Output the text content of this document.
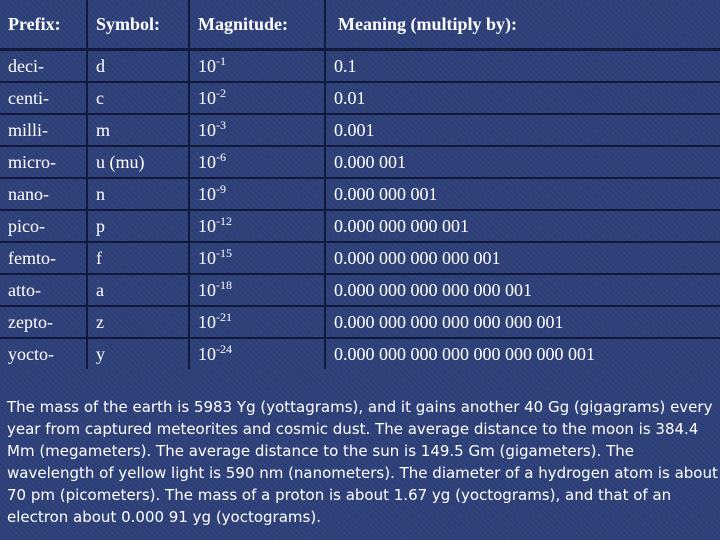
Prefix:	Symbol:	Magnitude:	Meaning (multiply by):
deci-	d	$10^{-1}$	0.1
centi-	c	$10^{-2}$	0.01
milli-	m	$10^{-3}$	0.001
micro-	u (mu)	$10^{-6}$	0.000 001
nano-	n	$10^{-9}$	0.000 000 001
pico-	p	$10^{-12}$	0.000 000 000 001
femto-	f	$10^{-15}$	0.000 000 000 000 001
atto-	a	$10^{-18}$	0.000 000 000 000 000 001
zepto-	z	$10^{-21}$	0.000 000 000 000 000 000 001
yocto-	y	$10^{-24}$	0.000 000 000 000 000 000 000 001

The mass of the earth is 5983 Yg (yottagrams), and it gains another 40 Gg (gigagrams) every year from captured meteorites and cosmic dust. The average distance to the moon is 384.4 Mm (megameters). The average distance to the sun is 149.5 Gm (gigameters). The wavelength of yellow light is 590 nm (nanometers). The diameter of a hydrogen atom is about 70 pm (picometers). The mass of a proton is about 1.67 yg (yoctograms), and that of an electron about 0.000 91 yg (yoctograms).
